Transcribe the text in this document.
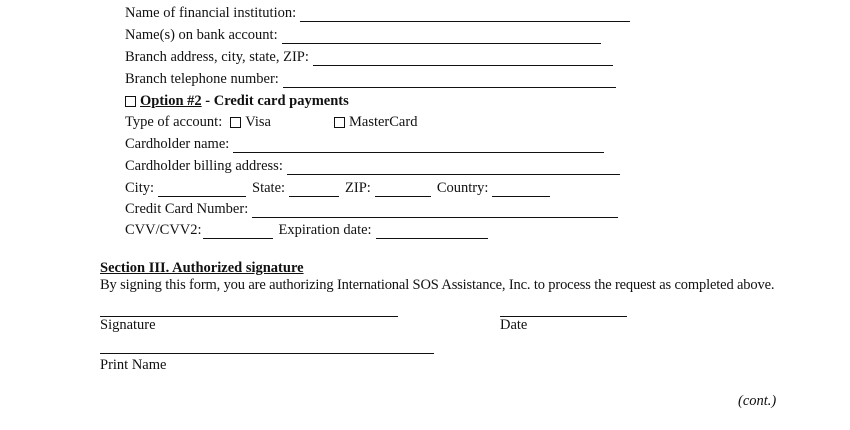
Name of financial institution:
Name(s) on bank account:
Branch address, city, state, ZIP:
Branch telephone number:
Option #2 - Credit card payments
Type of account: Visa	MasterCard
Cardholder name:
Cardholder billing address:
City:	State:	ZIP:	Country:
Credit Card Number:
CVV/CVV2:	Expiration date:
Section III. Authorized signature
By signing this form, you are authorizing International SOS Assistance, Inc. to process the request as completed above.
Signature	Date
Print Name
(cont.)
